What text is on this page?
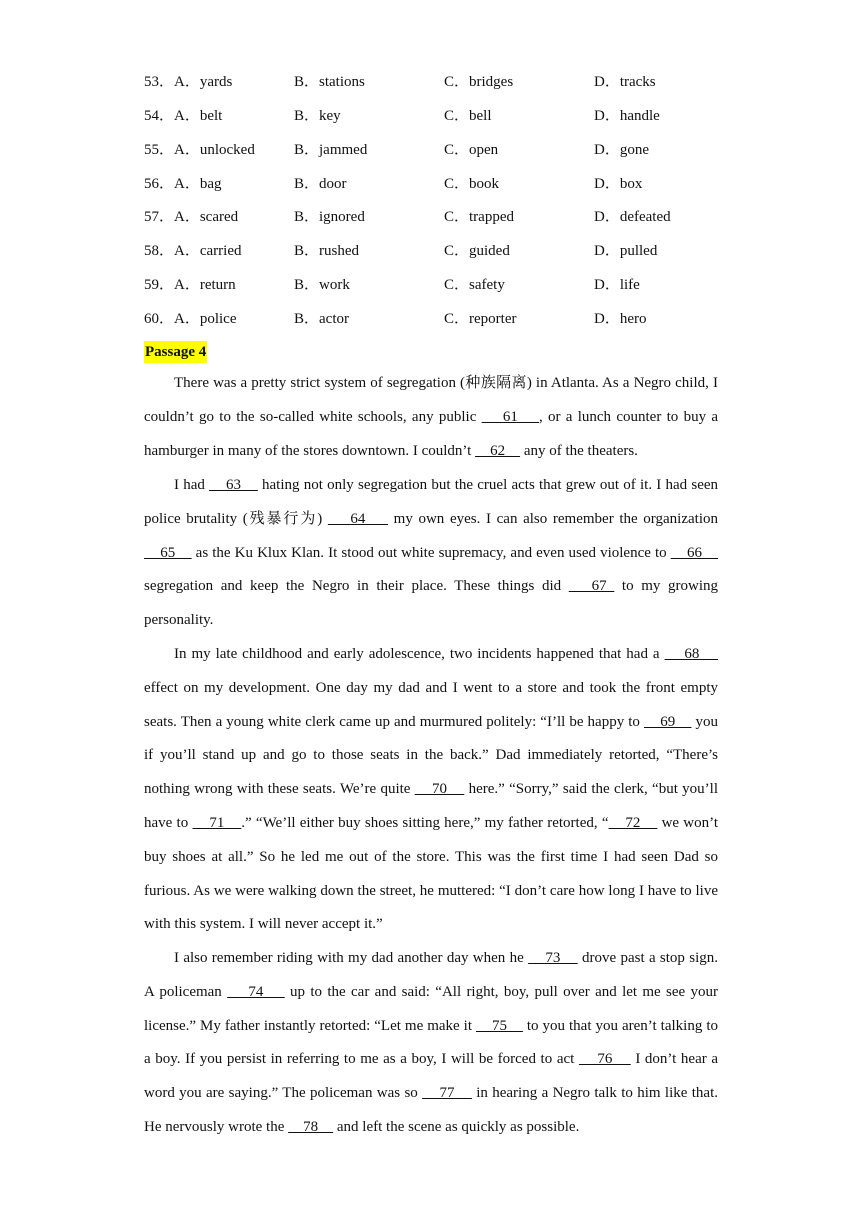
53．A．yards	B．stations	C．bridges	D．tracks
54．A．belt	B．key	C．bell	D．handle
55．A．unlocked	B．jammed	C．open	D．gone
56．A．bag	B．door	C．book	D．box
57．A．scared	B．ignored	C．trapped	D．defeated
58．A．carried	B．rushed	C．guided	D．pulled
59．A．return	B．work	C．safety	D．life
60．A．police	B．actor	C．reporter	D．hero
Passage 4

There was a pretty strict system of segregation (种族隔离) in Atlanta. As a Negro child, I couldn’t go to the so-called white schools, any public     61    , or a lunch counter to buy a hamburger in many of the stores downtown. I couldn’t     62     any of the theaters.

I had     63     hating not only segregation but the cruel acts that grew out of it. I had seen police brutality (残暴行为)     64     my own eyes. I can also remember the organization     65     as the Ku Klux Klan. It stood out white supremacy, and even used violence to     66     segregation and keep the Negro in their place. These things did    67  to my growing personality.

In my late childhood and early adolescence, two incidents happened that had a     68     effect on my development. One day my dad and I went to a store and took the front empty seats. Then a young white clerk came up and murmured politely: “I’ll be happy to     69     you if you’ll stand up and go to those seats in the back.” Dad immediately retorted, “There’s nothing wrong with these seats. We’re quite     70     here.” “Sorry,” said the clerk, “but you’ll have to     71    .” “We’ll either buy shoes sitting here,” my father retorted, “    72     we won’t buy shoes at all.” So he led me out of the store. This was the first time I had seen Dad so furious. As we were walking down the street, he muttered: “I don’t care how long I have to live with this system. I will never accept it.”

I also remember riding with my dad another day when he     73     drove past a stop sign. A policeman     74     up to the car and said: “All right, boy, pull over and let me see your license.” My father instantly retorted: “Let me make it     75     to you that you aren’t talking to a boy. If you persist in referring to me as a boy, I will be forced to act     76     I don’t hear a word you are saying.” The policeman was so     77     in hearing a Negro talk to him like that. He nervously wrote the     78     and left the scene as quickly as possible.
